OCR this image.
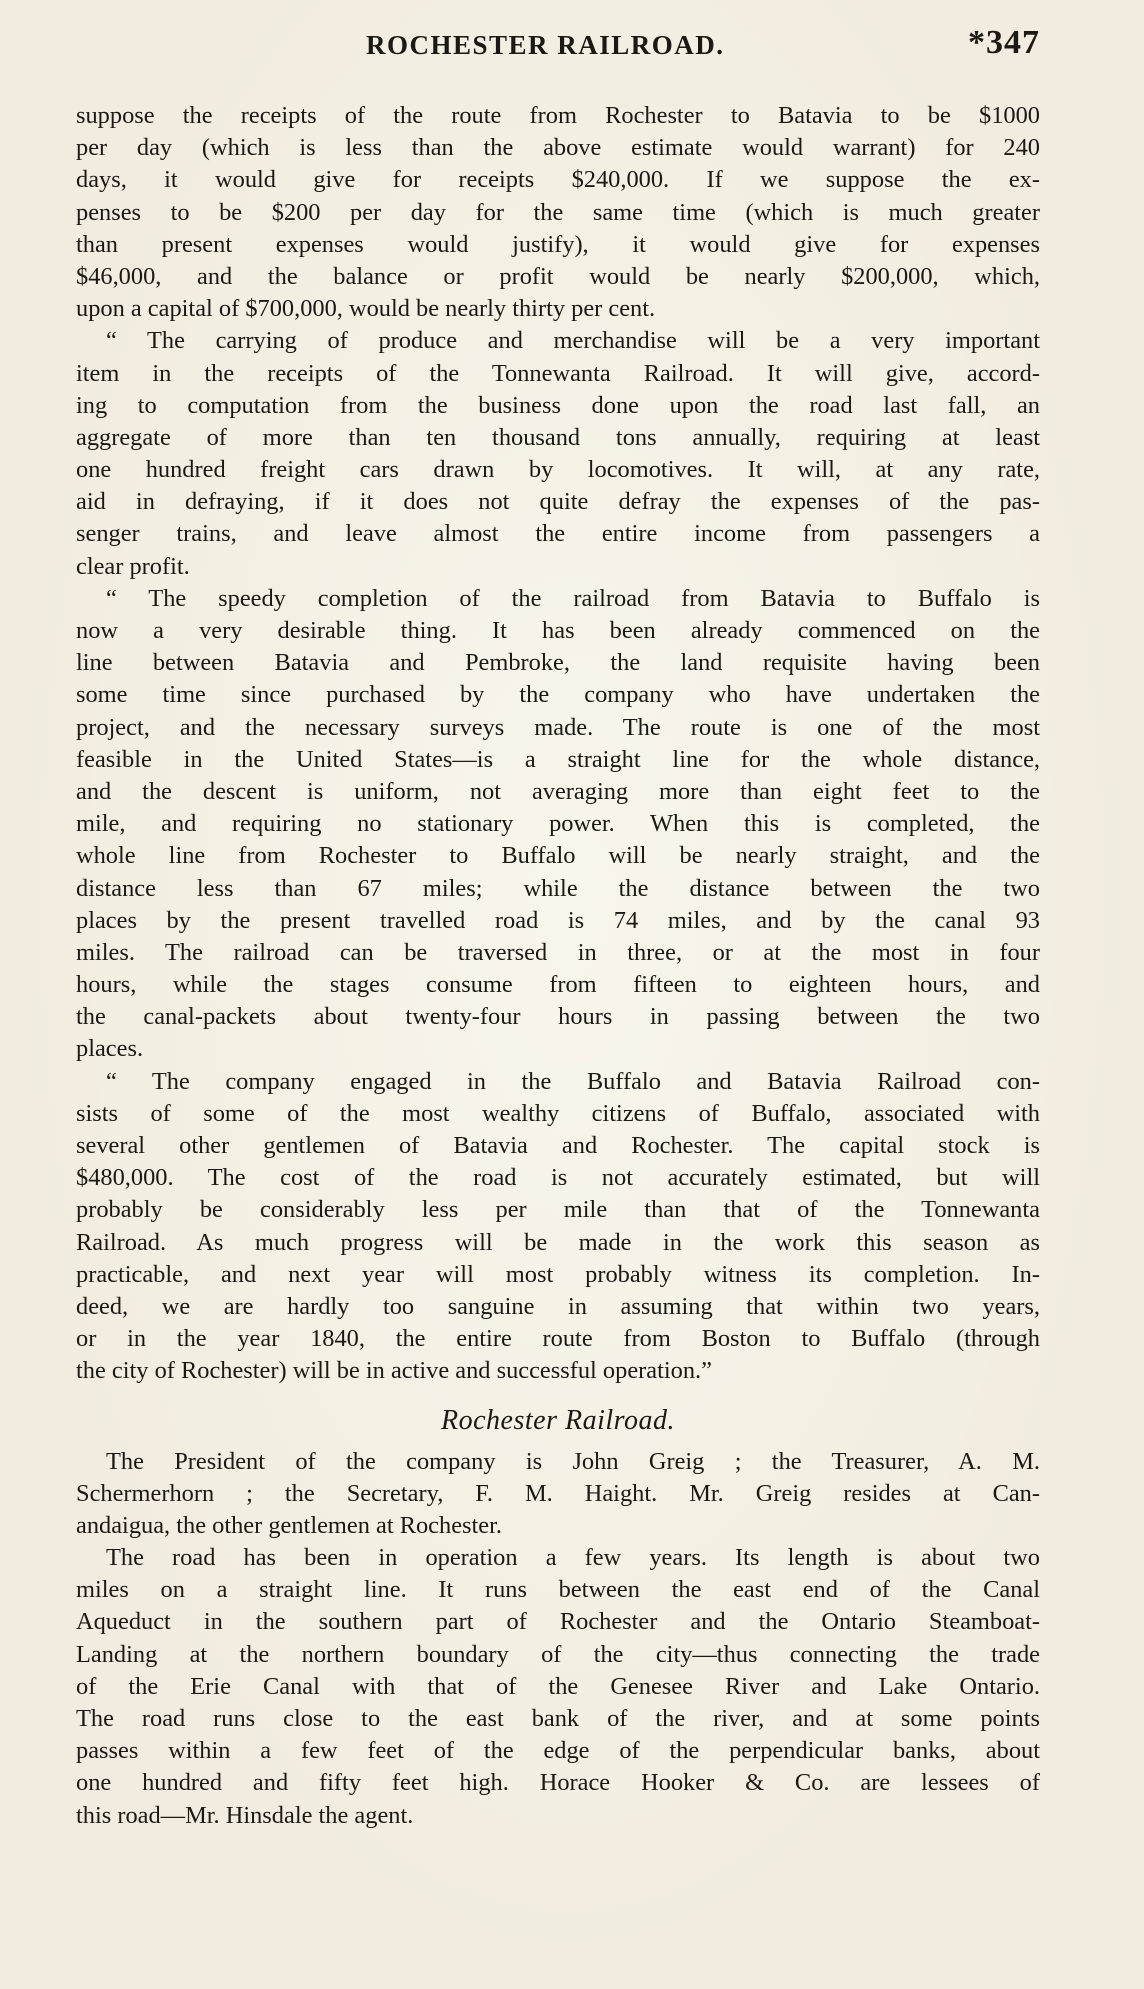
ROCHESTER RAILROAD.	*347
suppose the receipts of the route from Rochester to Batavia to be $1000
per day (which is less than the above estimate would warrant) for 240
days, it would give for receipts $240,000. If we suppose the ex-
penses to be $200 per day for the same time (which is much greater
than present expenses would justify), it would give for expenses
$46,000, and the balance or profit would be nearly $200,000, which,
upon a capital of $700,000, would be nearly thirty per cent.
“ The carrying of produce and merchandise will be a very important
item in the receipts of the Tonnewanta Railroad. It will give, accord-
ing to computation from the business done upon the road last fall, an
aggregate of more than ten thousand tons annually, requiring at least
one hundred freight cars drawn by locomotives. It will, at any rate,
aid in defraying, if it does not quite defray the expenses of the pas-
senger trains, and leave almost the entire income from passengers a
clear profit.
“ The speedy completion of the railroad from Batavia to Buffalo is
now a very desirable thing. It has been already commenced on the
line between Batavia and Pembroke, the land requisite having been
some time since purchased by the company who have undertaken the
project, and the necessary surveys made. The route is one of the most
feasible in the United States—is a straight line for the whole distance,
and the descent is uniform, not averaging more than eight feet to the
mile, and requiring no stationary power. When this is completed, the
whole line from Rochester to Buffalo will be nearly straight, and the
distance less than 67 miles; while the distance between the two
places by the present travelled road is 74 miles, and by the canal 93
miles. The railroad can be traversed in three, or at the most in four
hours, while the stages consume from fifteen to eighteen hours, and
the canal-packets about twenty-four hours in passing between the two
places.
“ The company engaged in the Buffalo and Batavia Railroad con-
sists of some of the most wealthy citizens of Buffalo, associated with
several other gentlemen of Batavia and Rochester. The capital stock is
$480,000. The cost of the road is not accurately estimated, but will
probably be considerably less per mile than that of the Tonnewanta
Railroad. As much progress will be made in the work this season as
practicable, and next year will most probably witness its completion. In-
deed, we are hardly too sanguine in assuming that within two years,
or in the year 1840, the entire route from Boston to Buffalo (through
the city of Rochester) will be in active and successful operation.”
Rochester Railroad.
The President of the company is John Greig ; the Treasurer, A. M.
Schermerhorn ; the Secretary, F. M. Haight. Mr. Greig resides at Can-
andaigua, the other gentlemen at Rochester.
The road has been in operation a few years. Its length is about two
miles on a straight line. It runs between the east end of the Canal
Aqueduct in the southern part of Rochester and the Ontario Steamboat-
Landing at the northern boundary of the city—thus connecting the trade
of the Erie Canal with that of the Genesee River and Lake Ontario.
The road runs close to the east bank of the river, and at some points
passes within a few feet of the edge of the perpendicular banks, about
one hundred and fifty feet high. Horace Hooker & Co. are lessees of
this road—Mr. Hinsdale the agent.
